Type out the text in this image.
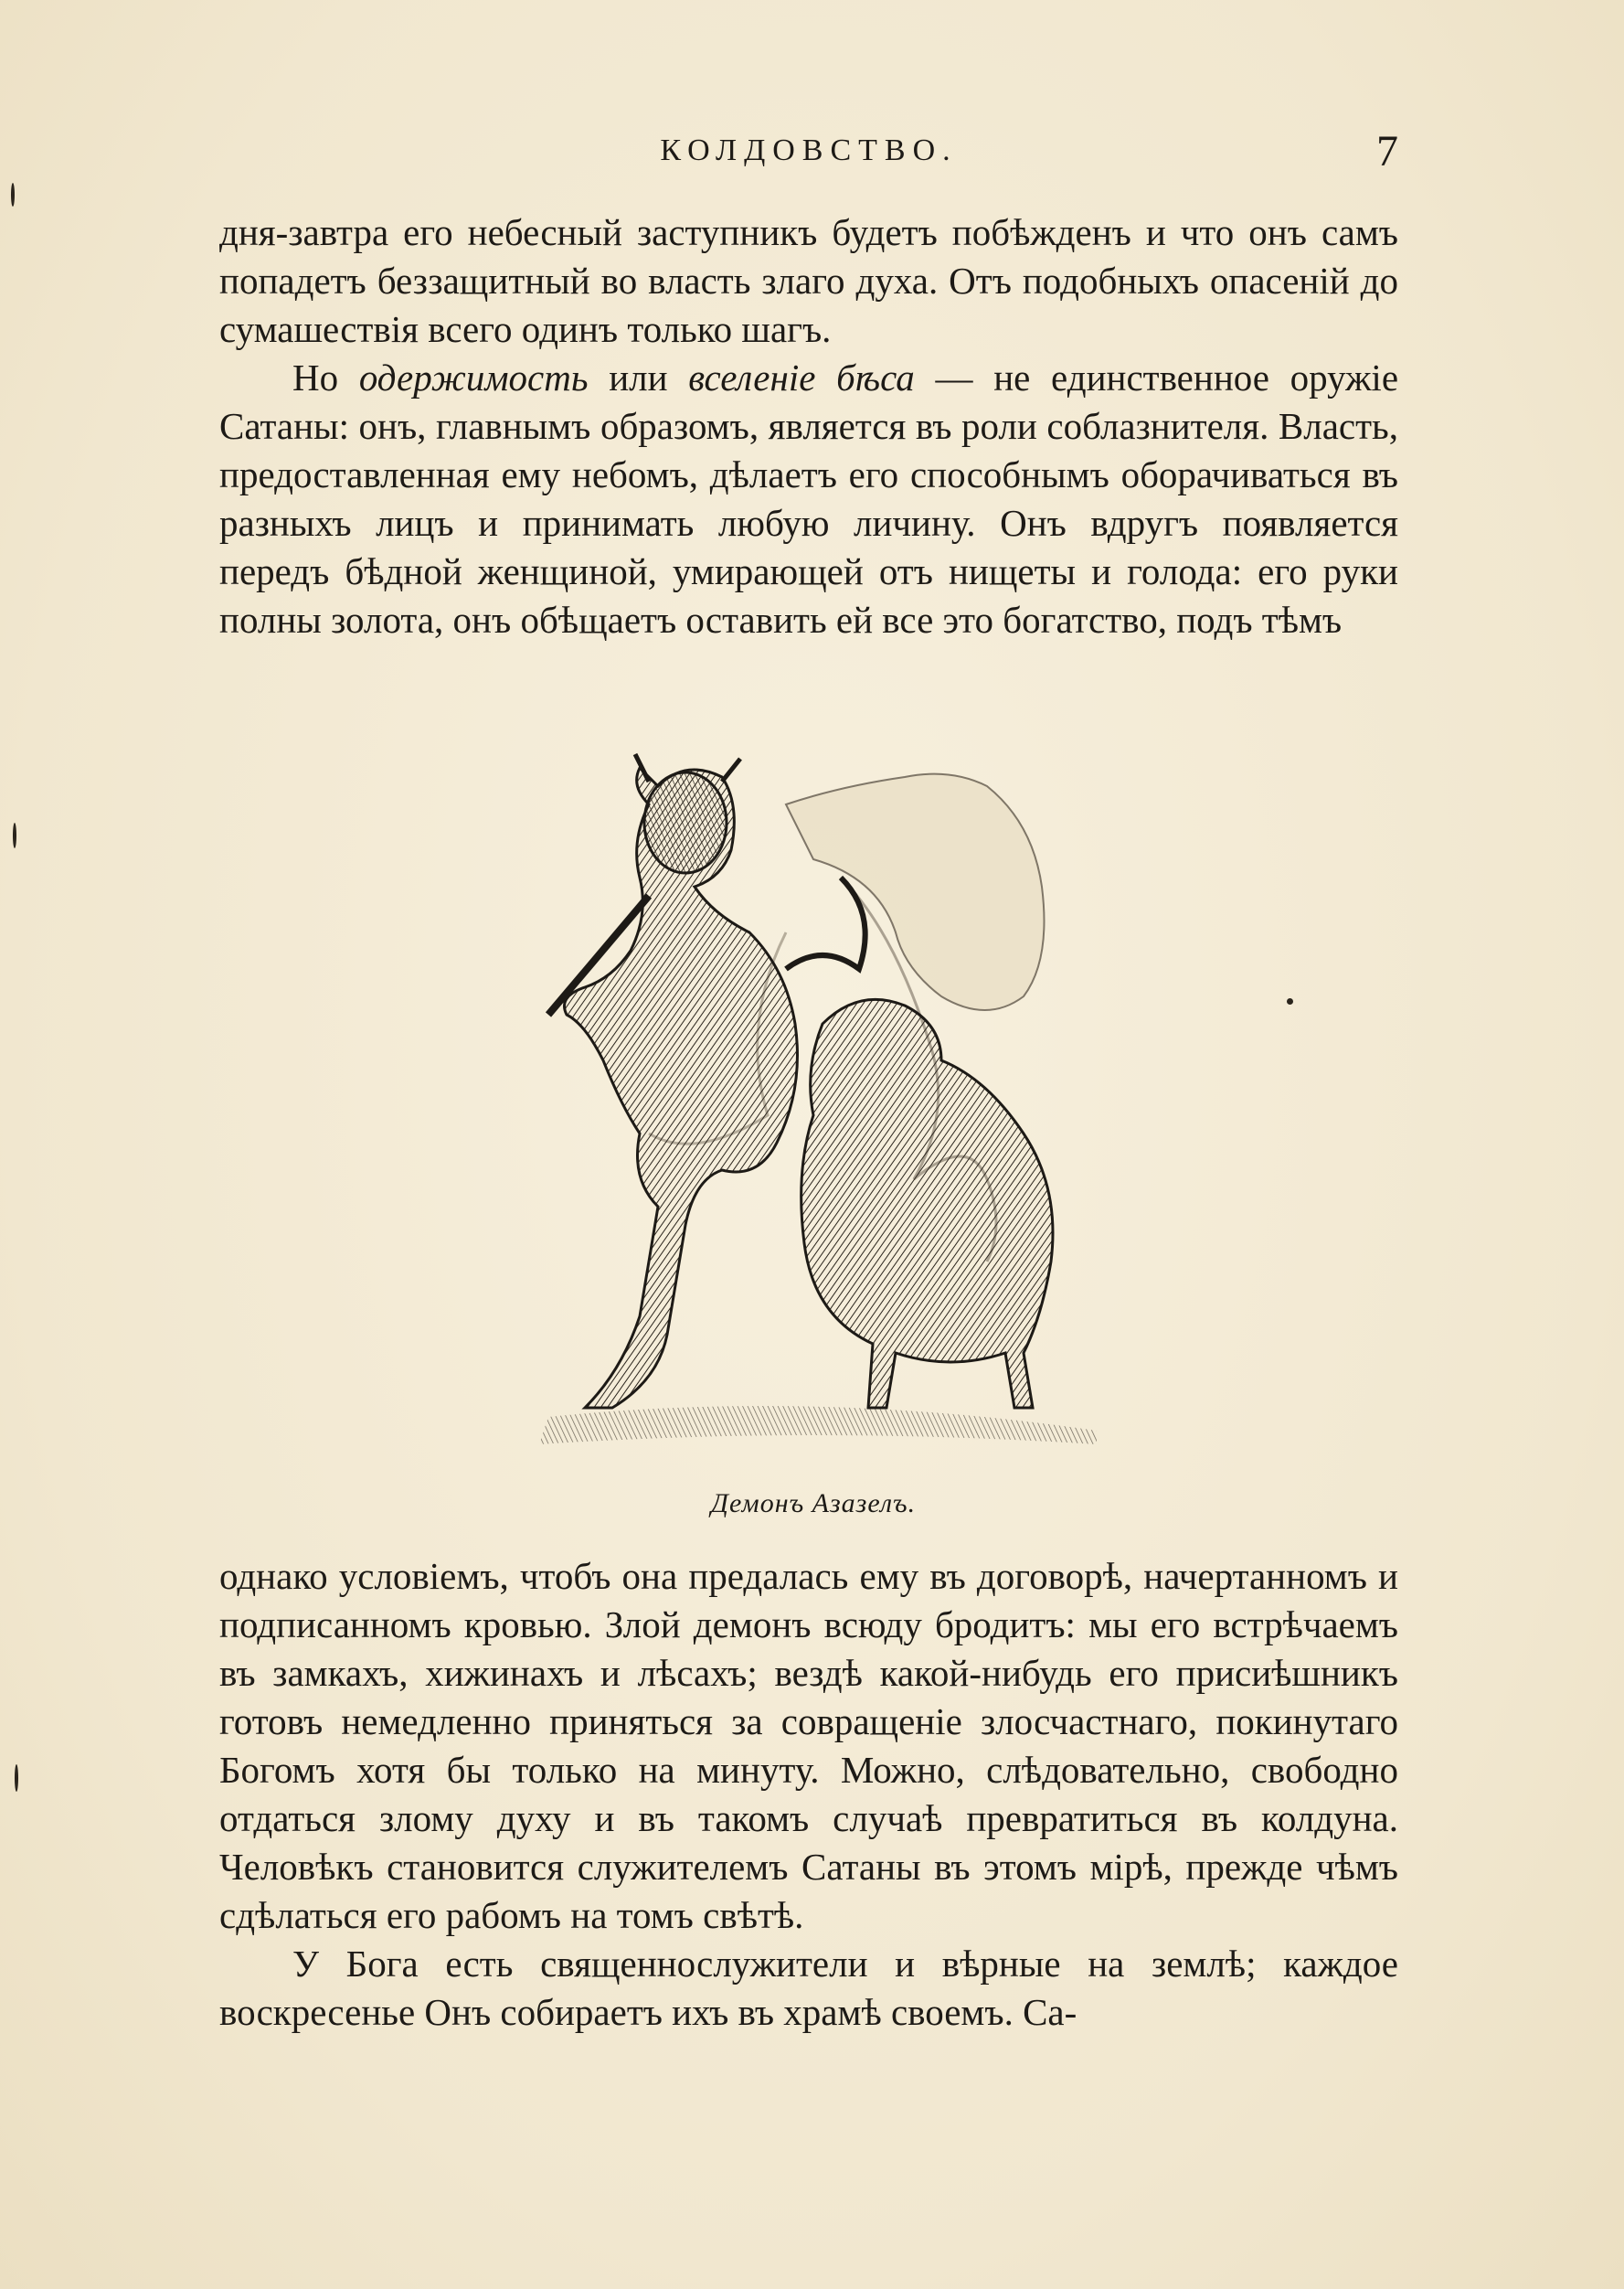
КОЛДОВСТВО.	7

дня-завтра его небесный заступникъ будетъ побѣжденъ и что онъ самъ попадетъ беззащитный во власть злаго духа. Отъ подобныхъ опасеній до сумашествія всего одинъ только шагъ.

Но одержимость или вселеніе бѣса — не единственное оружіе Сатаны: онъ, главнымъ образомъ, является въ роли соблазнителя. Власть, предоставленная ему небомъ, дѣлаетъ его способнымъ оборачиваться въ разныхъ лицъ и принимать любую личину. Онъ вдругъ появляется передъ бѣдной женщиной, умирающей отъ нищеты и голода: его руки полны золота, онъ обѣщаетъ оставить ей все это богатство, подъ тѣмъ

Демонъ Азазелъ.

однако условіемъ, чтобъ она предалась ему въ договорѣ, начертанномъ и подписанномъ кровью. Злой демонъ всюду бродитъ: мы его встрѣчаемъ въ замкахъ, хижинахъ и лѣсахъ; вездѣ какой-нибудь его присиѣшникъ готовъ немедленно приняться за совращеніе злосчастнаго, покинутаго Богомъ хотя бы только на минуту. Можно, слѣдовательно, свободно отдаться злому духу и въ такомъ случаѣ превратиться въ колдуна. Человѣкъ становится служителемъ Сатаны въ этомъ мірѣ, прежде чѣмъ сдѣлаться его рабомъ на томъ свѣтѣ.

У Бога есть священнослужители и вѣрные на землѣ; каждое воскресенье Онъ собираетъ ихъ въ храмѣ своемъ. Са-
